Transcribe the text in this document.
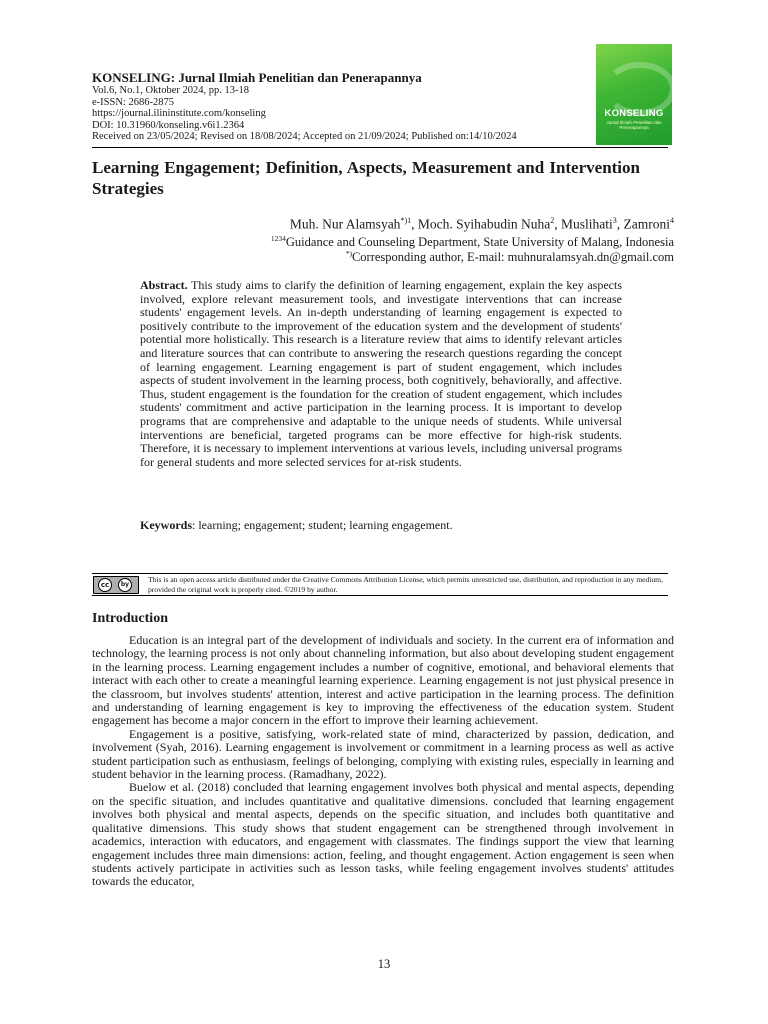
KONSELING: Jurnal Ilmiah Penelitian dan Penerapannya
Vol.6, No.1, Oktober 2024, pp. 13-18
e-ISSN: 2686-2875
https://journal.ilininstitute.com/konseling
DOI: 10.31960/konseling.v6i1.2364
Received on 23/05/2024; Revised on 18/08/2024; Accepted on 21/09/2024; Published on:14/10/2024
KONSELING
Jurnal Ilmiah Penelitian dan Penerapannya
Learning Engagement; Definition, Aspects, Measurement and Intervention Strategies
Muh. Nur Alamsyah$^{*)1}$, Moch. Syihabudin Nuha$^2$, Muslihati$^3$, Zamroni$^4$
$^{1234}$Guidance and Counseling Department, State University of Malang, Indonesia
*)Corresponding author, E-mail: muhnuralamsyah.dn@gmail.com
Abstract. This study aims to clarify the definition of learning engagement, explain the key aspects involved, explore relevant measurement tools, and investigate interventions that can increase students' engagement levels. An in-depth understanding of learning engagement is expected to positively contribute to the improvement of the education system and the development of students' potential more holistically. This research is a literature review that aims to identify relevant articles and literature sources that can contribute to answering the research questions regarding the concept of learning engagement. Learning engagement is part of student engagement, which includes aspects of student involvement in the learning process, both cognitively, behaviorally, and affective. Thus, student engagement is the foundation for the creation of student engagement, which includes students' commitment and active participation in the learning process. It is important to develop programs that are comprehensive and adaptable to the unique needs of students. While universal interventions are beneficial, targeted programs can be more effective for high-risk students. Therefore, it is necessary to implement interventions at various levels, including universal programs for general students and more selected services for at-risk students.
Keywords: learning; engagement; student; learning engagement.
cc	by
This is an open access article distributed under the Creative Commons Attribution License, which permits unrestricted use, distribution, and reproduction in any medium, provided the original work is properly cited. ©2019 by author.
Introduction

Education is an integral part of the development of individuals and society. In the current era of information and technology, the learning process is not only about channeling information, but also about developing student engagement in the learning process. Learning engagement includes a number of cognitive, emotional, and behavioral elements that interact with each other to create a meaningful learning experience. Learning engagement is not just physical presence in the classroom, but involves students' attention, interest and active participation in the learning process. The definition and understanding of learning engagement is key to improving the effectiveness of the education system. Student engagement has become a major concern in the effort to improve their learning achievement.

Engagement is a positive, satisfying, work-related state of mind, characterized by passion, dedication, and involvement (Syah, 2016). Learning engagement is involvement or commitment in a learning process as well as active student participation such as enthusiasm, feelings of belonging, complying with existing rules, especially in learning and student behavior in the learning process. (Ramadhany, 2022).

Buelow et al. (2018) concluded that learning engagement involves both physical and mental aspects, depending on the specific situation, and includes quantitative and qualitative dimensions. concluded that learning engagement involves both physical and mental aspects, depends on the specific situation, and includes both quantitative and qualitative dimensions. This study shows that student engagement can be strengthened through involvement in academics, interaction with educators, and engagement with classmates. The findings support the view that learning engagement includes three main dimensions: action, feeling, and thought engagement. Action engagement is seen when students actively participate in activities such as lesson tasks, while feeling engagement involves students' attitudes towards the educator,

13
